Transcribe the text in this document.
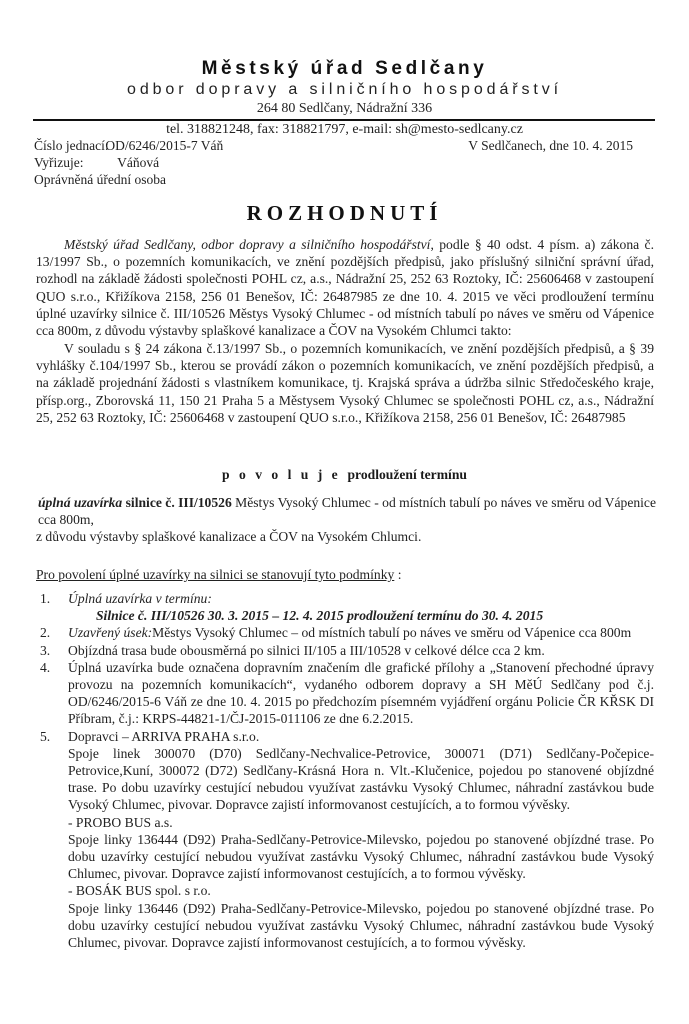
Městský úřad Sedlčany
odbor dopravy a silničního hospodářství
264 80 Sedlčany, Nádražní 336
tel. 318821248, fax: 318821797, e-mail: sh@mesto-sedlcany.cz
Číslo jednací: OD/6246/2015-7 Váň	V Sedlčanech, dne 10. 4. 2015
Vyřizuje: Váňová
Oprávněná úřední osoba
ROZHODNUTÍ
Městský úřad Sedlčany, odbor dopravy a silničního hospodářství, podle § 40 odst. 4 písm. a) zákona č. 13/1997 Sb., o pozemních komunikacích, ve znění pozdějších předpisů, jako příslušný silniční správní úřad, rozhodl na základě žádosti společnosti POHL cz, a.s., Nádražní 25, 252 63 Roztoky, IČ: 25606468 v zastoupení QUO s.r.o., Křižíkova 2158, 256 01 Benešov, IČ: 26487985 ze dne 10. 4. 2015 ve věci prodloužení termínu úplné uzavírky silnice č. III/10526 Městys Vysoký Chlumec - od místních tabulí po náves ve směru od Vápenice cca 800m, z důvodu výstavby splaškové kanalizace a ČOV na Vysokém Chlumci takto:
V souladu s § 24 zákona č.13/1997 Sb., o pozemních komunikacích, ve znění pozdějších předpisů, a § 39 vyhlášky č.104/1997 Sb., kterou se provádí zákon o pozemních komunikacích, ve znění pozdějších předpisů, a na základě projednání žádosti s vlastníkem komunikace, tj. Krajská správa a údržba silnic Středočeského kraje, přísp.org., Zborovská 11, 150 21 Praha 5 a Městysem Vysoký Chlumec se společnosti POHL cz, a.s., Nádražní 25, 252 63 Roztoky, IČ: 25606468 v zastoupení QUO s.r.o., Křižíkova 2158, 256 01 Benešov, IČ: 26487985
p o v o l u j e  prodloužení termínu
úplná uzavírka silnice č. III/10526 Městys Vysoký Chlumec - od místních tabulí po náves ve směru od Vápenice cca 800m,
z důvodu výstavby splaškové kanalizace a ČOV na Vysokém Chlumci.
Pro povolení úplné uzavírky na silnici se stanovují tyto podmínky :
1. Úplná uzavírka v termínu:
Silnice č. III/10526 30. 3. 2015 – 12. 4. 2015 prodloužení termínu do 30. 4. 2015
2. Uzavřený úsek:Městys Vysoký Chlumec – od místních tabulí po náves ve směru od Vápenice cca 800m
3. Objízdná trasa bude obousměrná po silnici II/105 a III/10528 v celkové délce cca 2 km.
4. Úplná uzavírka bude označena dopravním značením dle grafické přílohy a „Stanovení přechodné úpravy provozu na pozemních komunikacích“, vydaného odborem dopravy a SH MěÚ Sedlčany pod č.j. OD/6246/2015-6 Váň ze dne 10. 4. 2015 po předchozím písemném vyjádření orgánu Policie ČR KŘSK DI Příbram, č.j.: KRPS-44821-1/ČJ-2015-011106 ze dne 6.2.2015.
5. Dopravci – ARRIVA PRAHA s.r.o.
Spoje linek 300070 (D70) Sedlčany-Nechvalice-Petrovice, 300071 (D71) Sedlčany-Počepice-Petrovice,Kuní, 300072 (D72) Sedlčany-Krásná Hora n. Vlt.-Klučenice, pojedou po stanovené objízdné trase. Po dobu uzavírky cestující nebudou využívat zastávku Vysoký Chlumec, náhradní zastávkou bude Vysoký Chlumec, pivovar. Dopravce zajistí informovanost cestujících, a to formou vývěsky.
- PROBO BUS a.s.
Spoje linky 136444 (D92) Praha-Sedlčany-Petrovice-Milevsko, pojedou po stanovené objízdné trase. Po dobu uzavírky cestující nebudou využívat zastávku Vysoký Chlumec, náhradní zastávkou bude Vysoký Chlumec, pivovar. Dopravce zajistí informovanost cestujících, a to formou vývěsky.
- BOSÁK BUS spol. s r.o.
Spoje linky 136446 (D92) Praha-Sedlčany-Petrovice-Milevsko, pojedou po stanovené objízdné trase. Po dobu uzavírky cestující nebudou využívat zastávku Vysoký Chlumec, náhradní zastávkou bude Vysoký Chlumec, pivovar. Dopravce zajistí informovanost cestujících, a to formou vývěsky.
